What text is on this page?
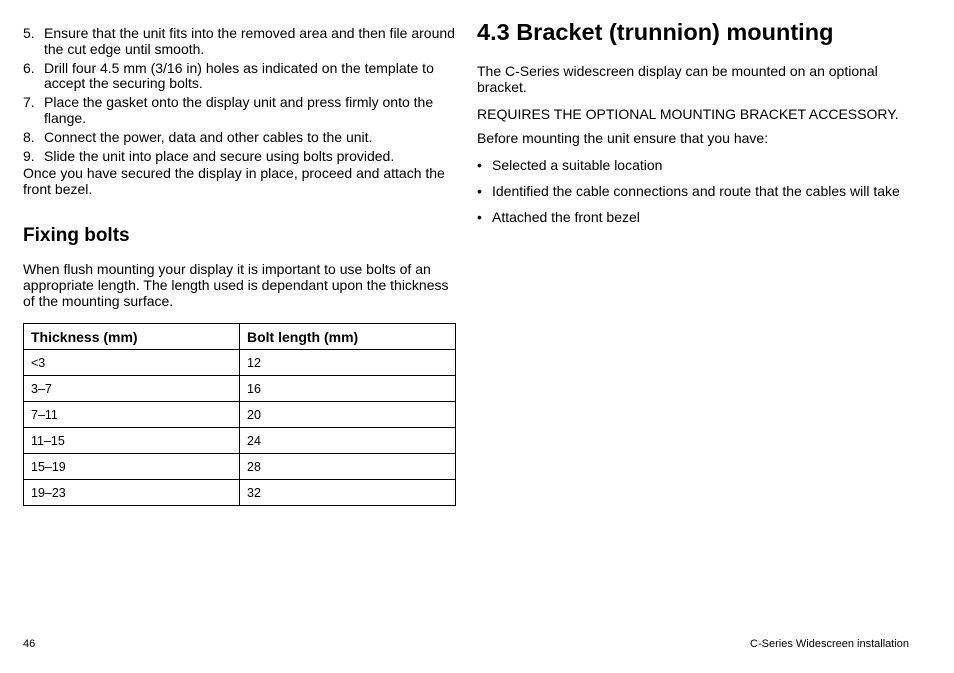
5. Ensure that the unit fits into the removed area and then file around the cut edge until smooth.
6. Drill four 4.5 mm (3/16 in) holes as indicated on the template to accept the securing bolts.
7. Place the gasket onto the display unit and press firmly onto the flange.
8. Connect the power, data and other cables to the unit.
9. Slide the unit into place and secure using bolts provided.

Once you have secured the display in place, proceed and attach the front bezel.

Fixing bolts

When flush mounting your display it is important to use bolts of an appropriate length. The length used is dependant upon the thickness of the mounting surface.

Thickness (mm)	Bolt length (mm)
<3	12
3–7	16
7–11	20
11–15	24
15–19	28
19–23	32
4.3 Bracket (trunnion) mounting

The C-Series widescreen display can be mounted on an optional bracket.

REQUIRES THE OPTIONAL MOUNTING BRACKET ACCESSORY.

Before mounting the unit ensure that you have:

• Selected a suitable location
• Identified the cable connections and route that the cables will take
• Attached the front bezel
46	C-Series Widescreen installation
